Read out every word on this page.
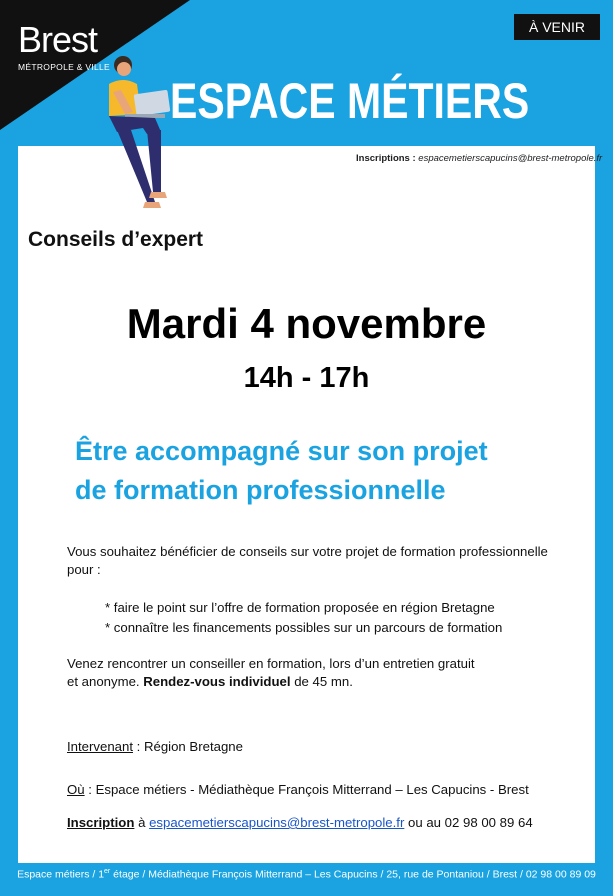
Brest
MÉTROPOLE & VILLE
À VENIR
ESPACE MÉTIERS
Inscriptions : espacemetierscapucins@brest-metropole.fr
Conseils d’expert
Mardi 4 novembre
14h - 17h
Être accompagné sur son projet
de formation professionnelle
Vous souhaitez bénéficier de conseils sur votre projet de formation professionnelle
pour :
* faire le point sur l’offre de formation proposée en région Bretagne
* connaître les financements possibles sur un parcours de formation
Venez rencontrer un conseiller en formation, lors d’un entretien gratuit
et anonyme. Rendez-vous individuel de 45 mn.
Intervenant : Région Bretagne
Où : Espace métiers - Médiathèque François Mitterrand – Les Capucins - Brest
Inscription à espacemetierscapucins@brest-metropole.fr ou au 02 98 00 89 64
Espace métiers / 1er étage / Médiathèque François Mitterrand – Les Capucins / 25, rue de Pontaniou / Brest / 02 98 00 89 09
